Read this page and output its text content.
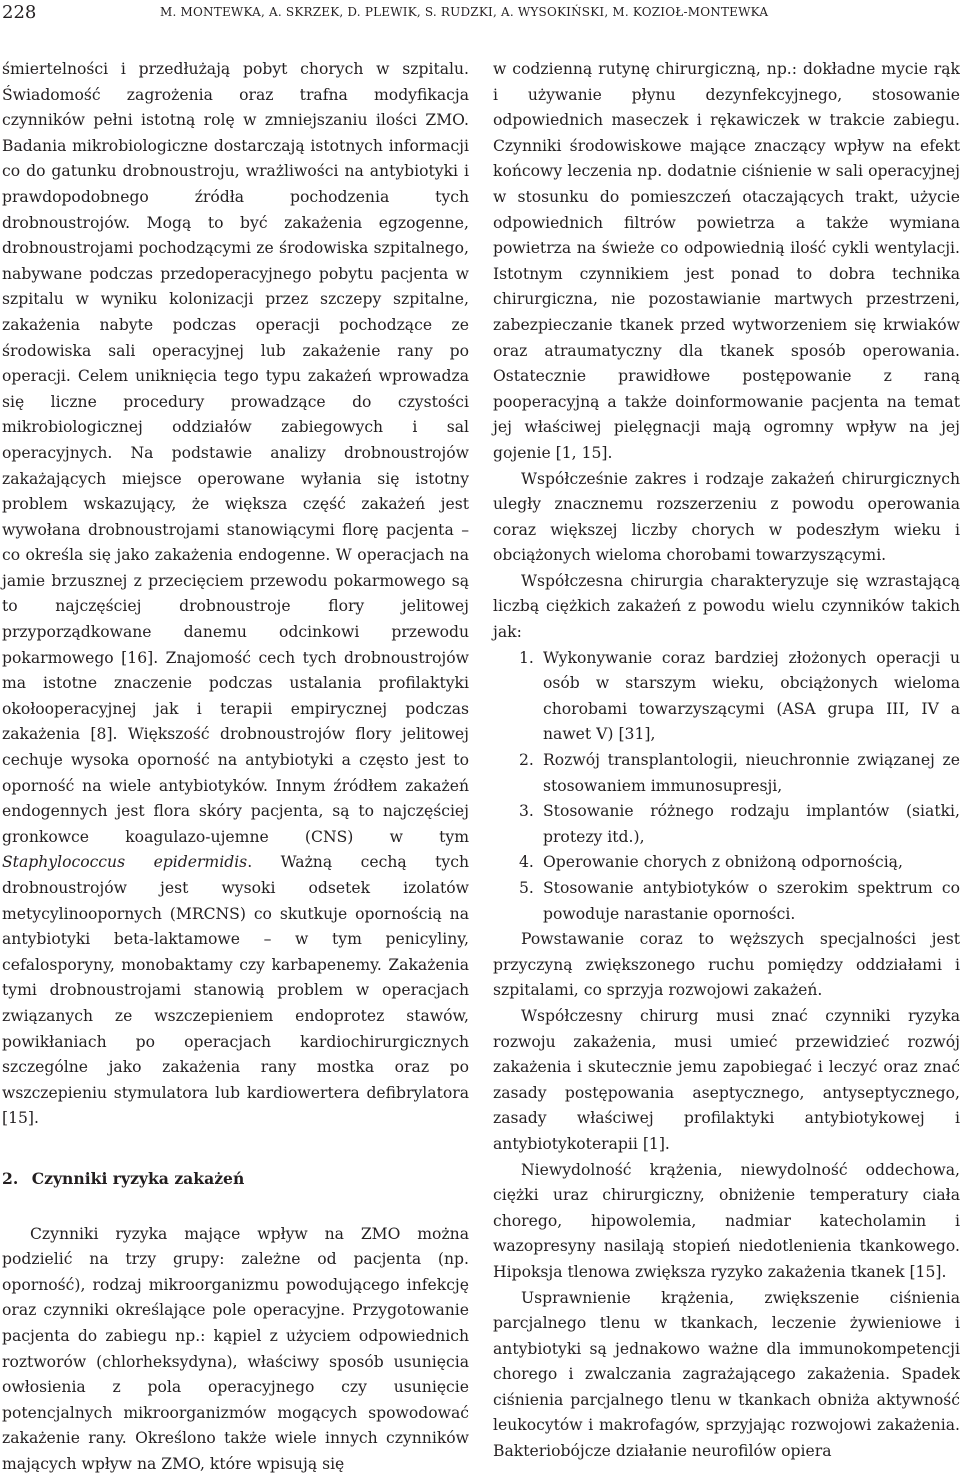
228	M. MONTEWKA, A. SKRZEK, D. PLEWIK, S. RUDZKI, A. WYSOKIŃSKI, M. KOZIOŁ-MONTEWKA

śmiertelności i przedłużają pobyt chorych w szpitalu. Świadomość zagrożenia oraz trafna modyfikacja czynników pełni istotną rolę w zmniejszaniu ilości ZMO. Badania mikrobiologiczne dostarczają istotnych informacji co do gatunku drobnoustroju, wrażliwości na antybiotyki i prawdopodobnego źródła pochodzenia tych drobnoustrojów. Mogą to być zakażenia egzogenne, drobnoustrojami pochodzącymi ze środowiska szpitalnego, nabywane podczas przedoperacyjnego pobytu pacjenta w szpitalu w wyniku kolonizacji przez szczepy szpitalne, zakażenia nabyte podczas operacji pochodzące ze środowiska sali operacyjnej lub zakażenie rany po operacji. Celem uniknięcia tego typu zakażeń wprowadza się liczne procedury prowadzące do czystości mikrobiologicznej oddziałów zabiegowych i sal operacyjnych. Na podstawie analizy drobnoustrojów zakażających miejsce operowane wyłania się istotny problem wskazujący, że większa część zakażeń jest wywołana drobnoustrojami stanowiącymi florę pacjenta – co określa się jako zakażenia endogenne. W operacjach na jamie brzusznej z przecięciem przewodu pokarmowego są to najczęściej drobnoustroje flory jelitowej przyporządkowane danemu odcinkowi przewodu pokarmowego [16]. Znajomość cech tych drobnoustrojów ma istotne znaczenie podczas ustalania profilaktyki okołooperacyjnej jak i terapii empirycznej podczas zakażenia [8]. Większość drobnoustrojów flory jelitowej cechuje wysoka oporność na antybiotyki a często jest to oporność na wiele antybiotyków. Innym źródłem zakażeń endogennych jest flora skóry pacjenta, są to najczęściej gronkowce koagulazo-ujemne (CNS) w tym Staphylococcus epidermidis. Ważną cechą tych drobnoustrojów jest wysoki odsetek izolatów metycylinoopornych (MRCNS) co skutkuje opornością na antybiotyki beta-laktamowe – w tym penicyliny, cefalosporyny, monobaktamy czy karbapenemy. Zakażenia tymi drobnoustrojami stanowią problem w operacjach związanych ze wszczepieniem endoprotez stawów, powikłaniach po operacjach kardiochirurgicznych szczególne jako zakażenia rany mostka oraz po wszczepieniu stymulatora lub kardiowertera defibrylatora [15].

2. Czynniki ryzyka zakażeń

Czynniki ryzyka mające wpływ na ZMO można podzielić na trzy grupy: zależne od pacjenta (np. oporność), rodzaj mikroorganizmu powodującego infekcję oraz czynniki określające pole operacyjne. Przygotowanie pacjenta do zabiegu np.: kąpiel z użyciem odpowiednich roztworów (chlorheksydyna), właściwy sposób usunięcia owłosienia z pola operacyjnego czy usunięcie potencjalnych mikroorganizmów mogących spowodować zakażenie rany. Określono także wiele innych czynników mających wpływ na ZMO, które wpisują się

w codzienną rutynę chirurgiczną, np.: dokładne mycie rąk i używanie płynu dezynfekcyjnego, stosowanie odpowiednich maseczek i rękawiczek w trakcie zabiegu. Czynniki środowiskowe mające znaczący wpływ na efekt końcowy leczenia np. dodatnie ciśnienie w sali operacyjnej w stosunku do pomieszczeń otaczających trakt, użycie odpowiednich filtrów powietrza a także wymiana powietrza na świeże co odpowiednią ilość cykli wentylacji. Istotnym czynnikiem jest ponad to dobra technika chirurgiczna, nie pozostawianie martwych przestrzeni, zabezpieczanie tkanek przed wytworzeniem się krwiaków oraz atraumatyczny dla tkanek sposób operowania. Ostatecznie prawidłowe postępowanie z raną pooperacyjną a także doinformowanie pacjenta na temat jej właściwej pielęgnacji mają ogromny wpływ na jej gojenie [1, 15].

Współcześnie zakres i rodzaje zakażeń chirurgicznych uległy znacznemu rozszerzeniu z powodu operowania coraz większej liczby chorych w podeszłym wieku i obciążonych wieloma chorobami towarzyszącymi.

Współczesna chirurgia charakteryzuje się wzrastającą liczbą ciężkich zakażeń z powodu wielu czynników takich jak:

1. Wykonywanie coraz bardziej złożonych operacji u osób w starszym wieku, obciążonych wieloma chorobami towarzyszącymi (ASA grupa III, IV a nawet V) [31],
2. Rozwój transplantologii, nieuchronnie związanej ze stosowaniem immunosupresji,
3. Stosowanie różnego rodzaju implantów (siatki, protezy itd.),
4. Operowanie chorych z obniżoną odpornością,
5. Stosowanie antybiotyków o szerokim spektrum co powoduje narastanie oporności.

Powstawanie coraz to węższych specjalności jest przyczyną zwiększonego ruchu pomiędzy oddziałami i szpitalami, co sprzyja rozwojowi zakażeń.

Współczesny chirurg musi znać czynniki ryzyka rozwoju zakażenia, musi umieć przewidzieć rozwój zakażenia i skutecznie jemu zapobiegać i leczyć oraz znać zasady postępowania aseptycznego, antyseptycznego, zasady właściwej profilaktyki antybiotykowej i antybiotykoterapii [1].

Niewydolność krążenia, niewydolność oddechowa, ciężki uraz chirurgiczny, obniżenie temperatury ciała chorego, hipowolemia, nadmiar katecholamin i wazopresyny nasilają stopień niedotlenienia tkankowego. Hipoksja tlenowa zwiększa ryzyko zakażenia tkanek [15].

Usprawnienie krążenia, zwiększenie ciśnienia parcjalnego tlenu w tkankach, leczenie żywieniowe i antybiotyki są jednakowo ważne dla immunokompetencji chorego i zwalczania zagrażającego zakażenia. Spadek ciśnienia parcjalnego tlenu w tkankach obniża aktywność leukocytów i makrofagów, sprzyjając rozwojowi zakażenia. Bakteriobójcze działanie neurofilów opiera
